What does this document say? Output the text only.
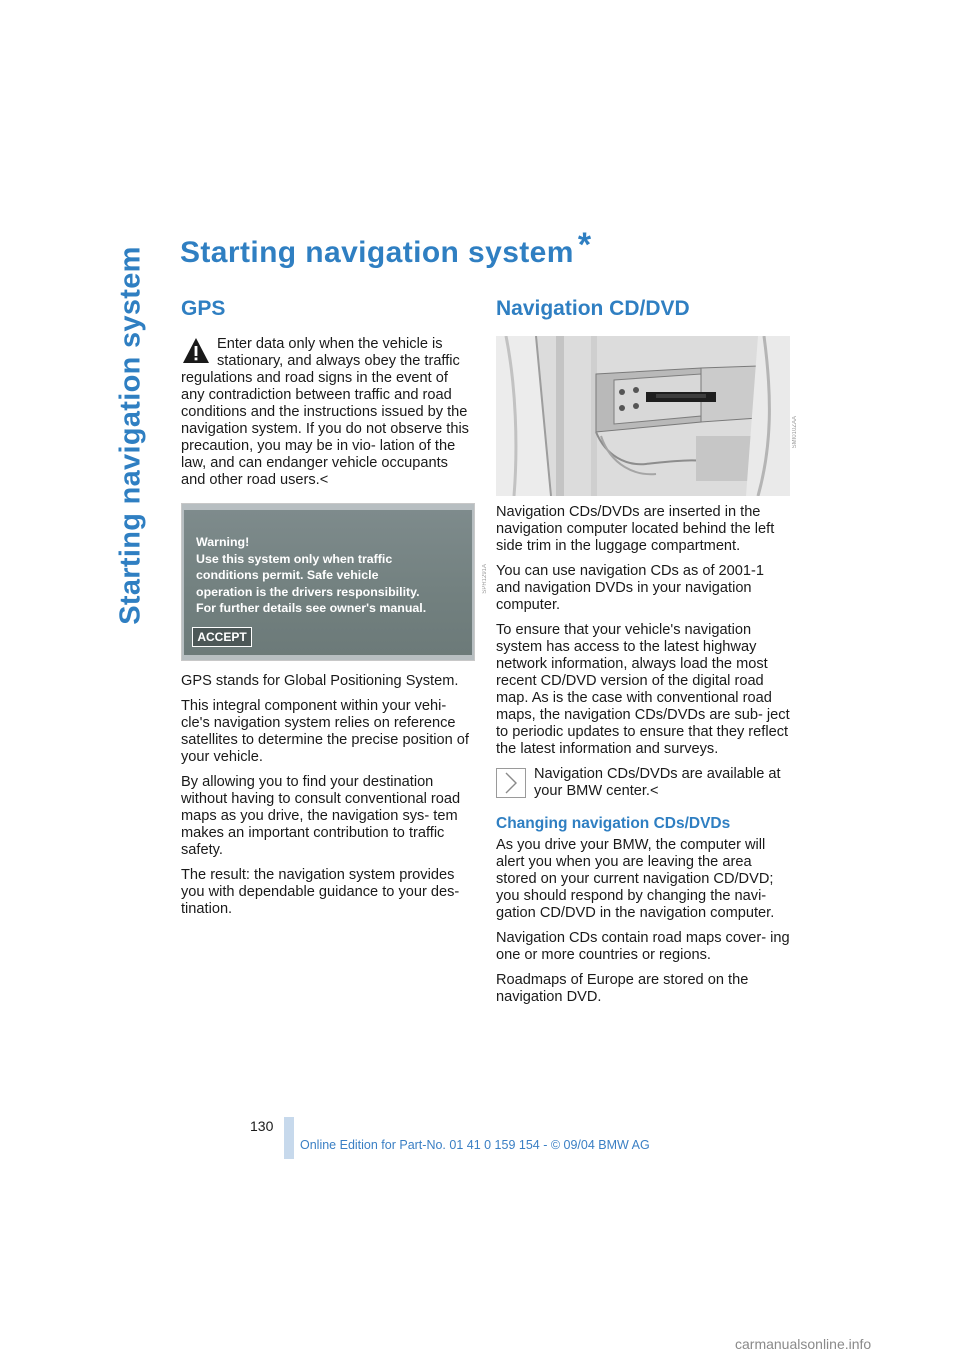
Starting navigation system Starting navigation system *
GPS
Enter data only when the vehicle is stationary, and always obey the traffic regulations and road signs in the event of any contradiction between traffic and road conditions and the instructions issued by the navigation system. If you do not observe this precaution, you may be in vio- lation of the law, and can endanger vehicle occupants and other road users.<
Warning!
Use this system only when traffic
conditions permit. Safe vehicle
operation is the drivers responsibility.
For further details see owner's manual.
ACCEPT
SPR1291A

GPS stands for Global Positioning System.

This integral component within your vehi- cle's navigation system relies on reference satellites to determine the precise position of your vehicle.

By allowing you to find your destination without having to consult conventional road maps as you drive, the navigation sys- tem makes an important contribution to traffic safety.

The result: the navigation system provides you with dependable guidance to your des- tination.

Navigation CD/DVD
SMI010ZAA

Navigation CDs/DVDs are inserted in the navigation computer located behind the left side trim in the luggage compartment.

You can use navigation CDs as of 2001-1 and navigation DVDs in your navigation computer.

To ensure that your vehicle's navigation system has access to the latest highway network information, always load the most recent CD/DVD version of the digital road map. As is the case with conventional road maps, the navigation CDs/DVDs are sub- ject to periodic updates to ensure that they reflect the latest information and surveys.

Navigation CDs/DVDs are available at your BMW center.<
Changing navigation CDs/DVDs

As you drive your BMW, the computer will alert you when you are leaving the area stored on your current navigation CD/DVD; you should respond by changing the navi- gation CD/DVD in the navigation computer.

Navigation CDs contain road maps cover- ing one or more countries or regions.

Roadmaps of Europe are stored on the navigation DVD.

130
Online Edition for Part-No. 01 41 0 159 154 - © 09/04 BMW AG
carmanualsonline.info
